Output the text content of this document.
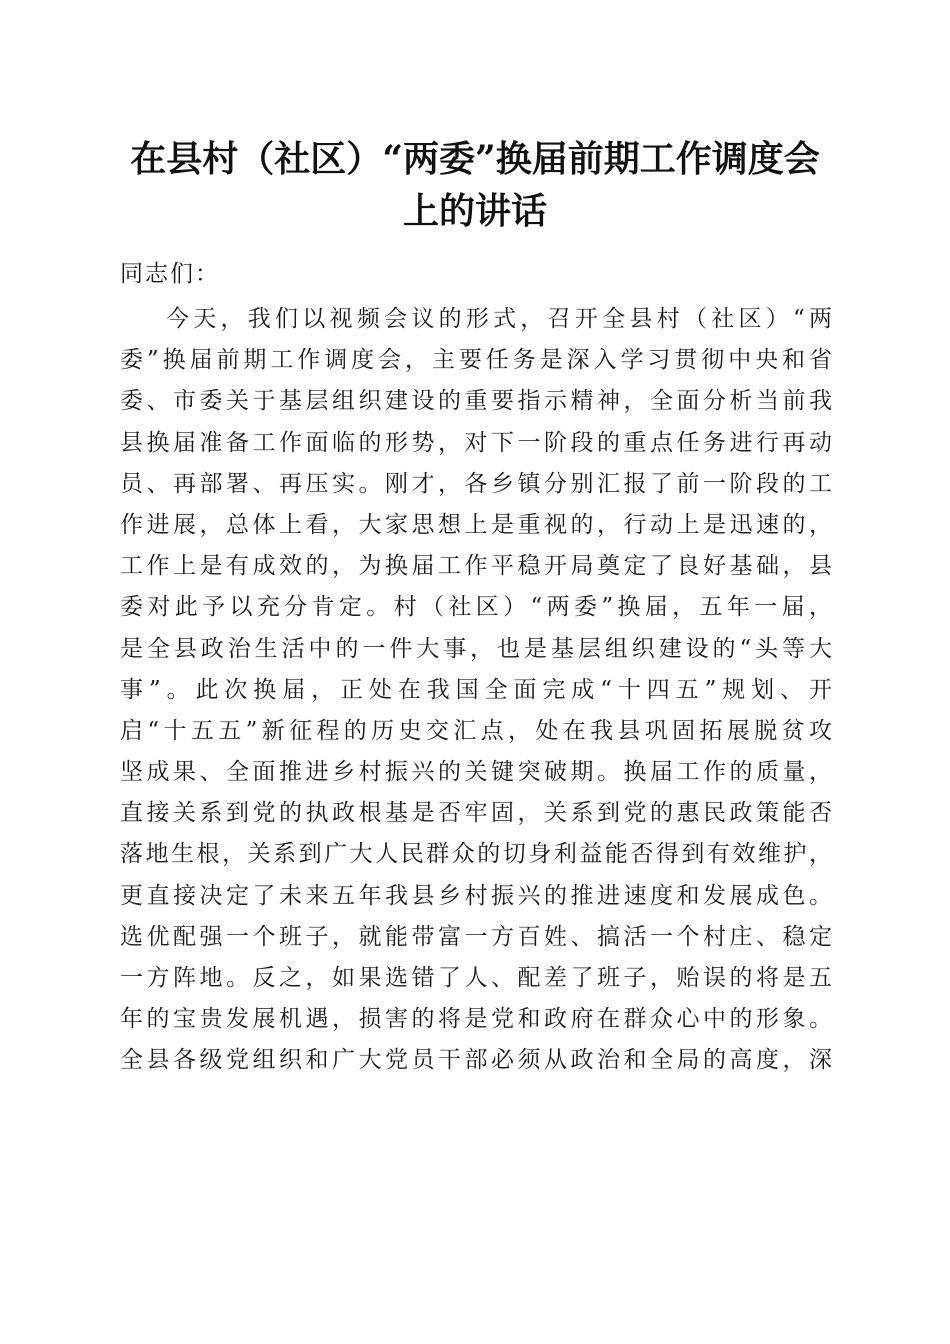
在县村（社区）“两委”换届前期工作调度会
上的讲话

同志们：

今天，我们以视频会议的形式，召开全县村（社区）“两
委”换届前期工作调度会，主要任务是深入学习贯彻中央和省
委、市委关于基层组织建设的重要指示精神，全面分析当前我
县换届准备工作面临的形势，对下一阶段的重点任务进行再动
员、再部署、再压实。刚才，各乡镇分别汇报了前一阶段的工
作进展，总体上看，大家思想上是重视的，行动上是迅速的，
工作上是有成效的，为换届工作平稳开局奠定了良好基础，县
委对此予以充分肯定。村（社区）“两委”换届，五年一届，
是全县政治生活中的一件大事，也是基层组织建设的“头等大
事”。此次换届，正处在我国全面完成“十四五”规划、开
启“十五五”新征程的历史交汇点，处在我县巩固拓展脱贫攻
坚成果、全面推进乡村振兴的关键突破期。换届工作的质量，
直接关系到党的执政根基是否牢固，关系到党的惠民政策能否
落地生根，关系到广大人民群众的切身利益能否得到有效维护，
更直接决定了未来五年我县乡村振兴的推进速度和发展成色。
选优配强一个班子，就能带富一方百姓、搞活一个村庄、稳定
一方阵地。反之，如果选错了人、配差了班子，贻误的将是五
年的宝贵发展机遇，损害的将是党和政府在群众心中的形象。
全县各级党组织和广大党员干部必须从政治和全局的高度，深
